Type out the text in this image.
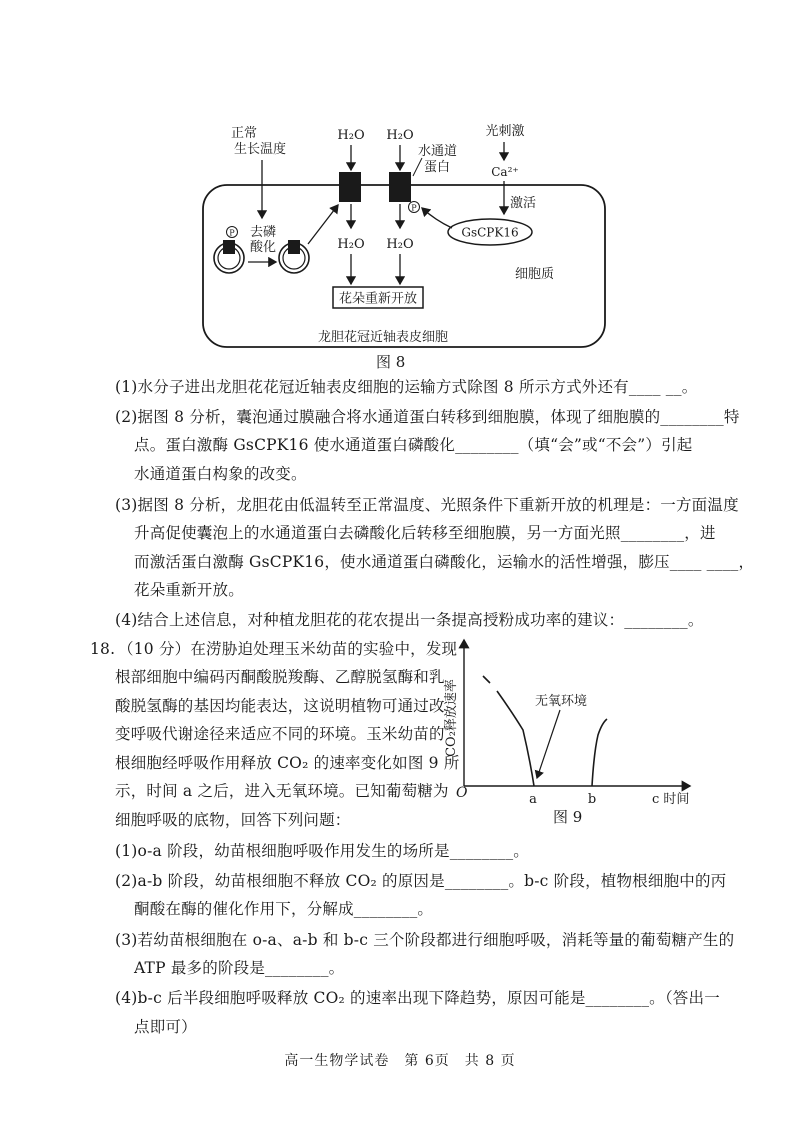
正常
生长温度
P 去磷
酸化
H₂O
H₂O
H₂O
H₂O
P
水通道
蛋白
光刺激
Ca²⁺
激活
GsCPK16
细胞质
花朵重新开放
龙胆花冠近轴表皮细胞
图 8
(1)水分子进出龙胆花花冠近轴表皮细胞的运输方式除图 8 所示方式外还有____ __。
(2)据图 8 分析，囊泡通过膜融合将水通道蛋白转移到细胞膜，体现了细胞膜的________特
点。蛋白激酶 GsCPK16 使水通道蛋白磷酸化________（填“会”或“不会”）引起
水通道蛋白构象的改变。
(3)据图 8 分析，龙胆花由低温转至正常温度、光照条件下重新开放的机理是：一方面温度
升高促使囊泡上的水通道蛋白去磷酸化后转移至细胞膜，另一方面光照________，进
而激活蛋白激酶 GsCPK16，使水通道蛋白磷酸化，运输水的活性增强，膨压____ ____，
花朵重新开放。
(4)结合上述信息，对种植龙胆花的花农提出一条提高授粉成功率的建议：________。
18. （10 分）在涝胁迫处理玉米幼苗的实验中，发现
根部细胞中编码丙酮酸脱羧酶、乙醇脱氢酶和乳
酸脱氢酶的基因均能表达，这说明植物可通过改
变呼吸代谢途径来适应不同的环境。玉米幼苗的
根细胞经呼吸作用释放 CO₂ 的速率变化如图 9 所
示，时间 a 之后，进入无氧环境。已知葡萄糖为
细胞呼吸的底物，回答下列问题：
CO₂释放速率
O	a	b	c 时间
无氧环境
图 9
(1)o-a 阶段，幼苗根细胞呼吸作用发生的场所是________。
(2)a-b 阶段，幼苗根细胞不释放 CO₂ 的原因是________。b-c 阶段，植物根细胞中的丙
酮酸在酶的催化作用下，分解成________。
(3)若幼苗根细胞在 o-a、a-b 和 b-c 三个阶段都进行细胞呼吸，消耗等量的葡萄糖产生的
ATP 最多的阶段是________。
(4)b-c 后半段细胞呼吸释放 CO₂ 的速率出现下降趋势，原因可能是________。（答出一
点即可）
高一生物学试卷　第 6页　共 8 页
